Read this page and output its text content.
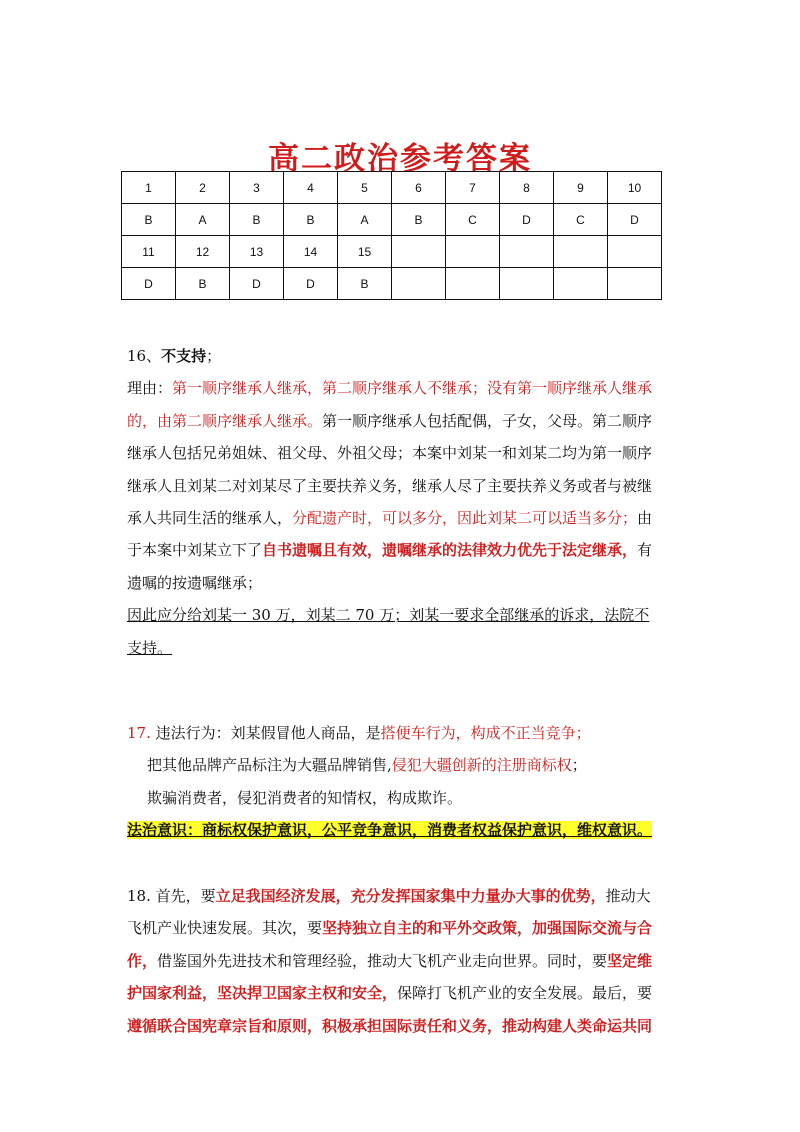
高二政治参考答案
1	2	3	4	5	6	7	8	9	10
B	A	B	B	A	B	C	D	C	D
11	12	13	14	15					
D	B	D	D	B					
16、不支持；
理由：第一顺序继承人继承，第二顺序继承人不继承；没有第一顺序继承人继承
的，由第二顺序继承人继承。第一顺序继承人包括配偶，子女，父母。第二顺序
继承人包括兄弟姐妹、祖父母、外祖父母；本案中刘某一和刘某二均为第一顺序
继承人且刘某二对刘某尽了主要扶养义务，继承人尽了主要扶养义务或者与被继
承人共同生活的继承人，分配遗产时，可以多分，因此刘某二可以适当多分；由
于本案中刘某立下了自书遗嘱且有效，遗嘱继承的法律效力优先于法定继承，有
遗嘱的按遗嘱继承；
因此应分给刘某一 30 万，刘某二 70 万；刘某一要求全部继承的诉求，法院不
支持。
17. 违法行为：刘某假冒他人商品，是搭便车行为，构成不正当竞争；
把其他品牌产品标注为大疆品牌销售,侵犯大疆创新的注册商标权；
欺骗消费者，侵犯消费者的知情权，构成欺诈。
法治意识：商标权保护意识，公平竞争意识，消费者权益保护意识，维权意识。
18. 首先，要立足我国经济发展，充分发挥国家集中力量办大事的优势，推动大
飞机产业快速发展。其次，要坚持独立自主的和平外交政策，加强国际交流与合
作，借鉴国外先进技术和管理经验，推动大飞机产业走向世界。同时，要坚定维
护国家利益，坚决捍卫国家主权和安全，保障打飞机产业的安全发展。最后，要
遵循联合国宪章宗旨和原则，积极承担国际责任和义务，推动构建人类命运共同
